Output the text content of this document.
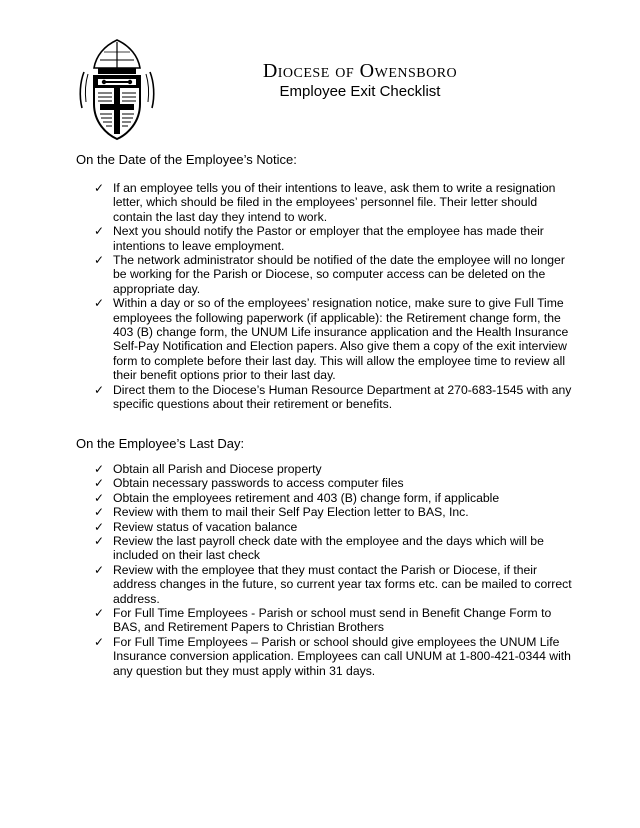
Diocese of Owensboro
Employee Exit Checklist
On the Date of the Employee’s Notice:
✓ If an employee tells you of their intentions to leave, ask them to write a resignation letter, which should be filed in the employees’ personnel file. Their letter should contain the last day they intend to work.
✓ Next you should notify the Pastor or employer that the employee has made their intentions to leave employment.
✓ The network administrator should be notified of the date the employee will no longer be working for the Parish or Diocese, so computer access can be deleted on the appropriate day.
✓ Within a day or so of the employees’ resignation notice, make sure to give Full Time employees the following paperwork (if applicable): the Retirement change form, the 403 (B) change form, the UNUM Life insurance application and the Health Insurance Self-Pay Notification and Election papers. Also give them a copy of the exit interview form to complete before their last day. This will allow the employee time to review all their benefit options prior to their last day.
✓ Direct them to the Diocese’s Human Resource Department at 270-683-1545 with any specific questions about their retirement or benefits.
On the Employee’s Last Day:
✓ Obtain all Parish and Diocese property
✓ Obtain necessary passwords to access computer files
✓ Obtain the employees retirement and 403 (B) change form, if applicable
✓ Review with them to mail their Self Pay Election letter to BAS, Inc.
✓ Review status of vacation balance
✓ Review the last payroll check date with the employee and the days which will be included on their last check
✓ Review with the employee that they must contact the Parish or Diocese, if their address changes in the future, so current year tax forms etc. can be mailed to correct address.
✓ For Full Time Employees - Parish or school must send in Benefit Change Form to BAS, and Retirement Papers to Christian Brothers
✓ For Full Time Employees – Parish or school should give employees the UNUM Life Insurance conversion application. Employees can call UNUM at 1-800-421-0344 with any question but they must apply within 31 days.
